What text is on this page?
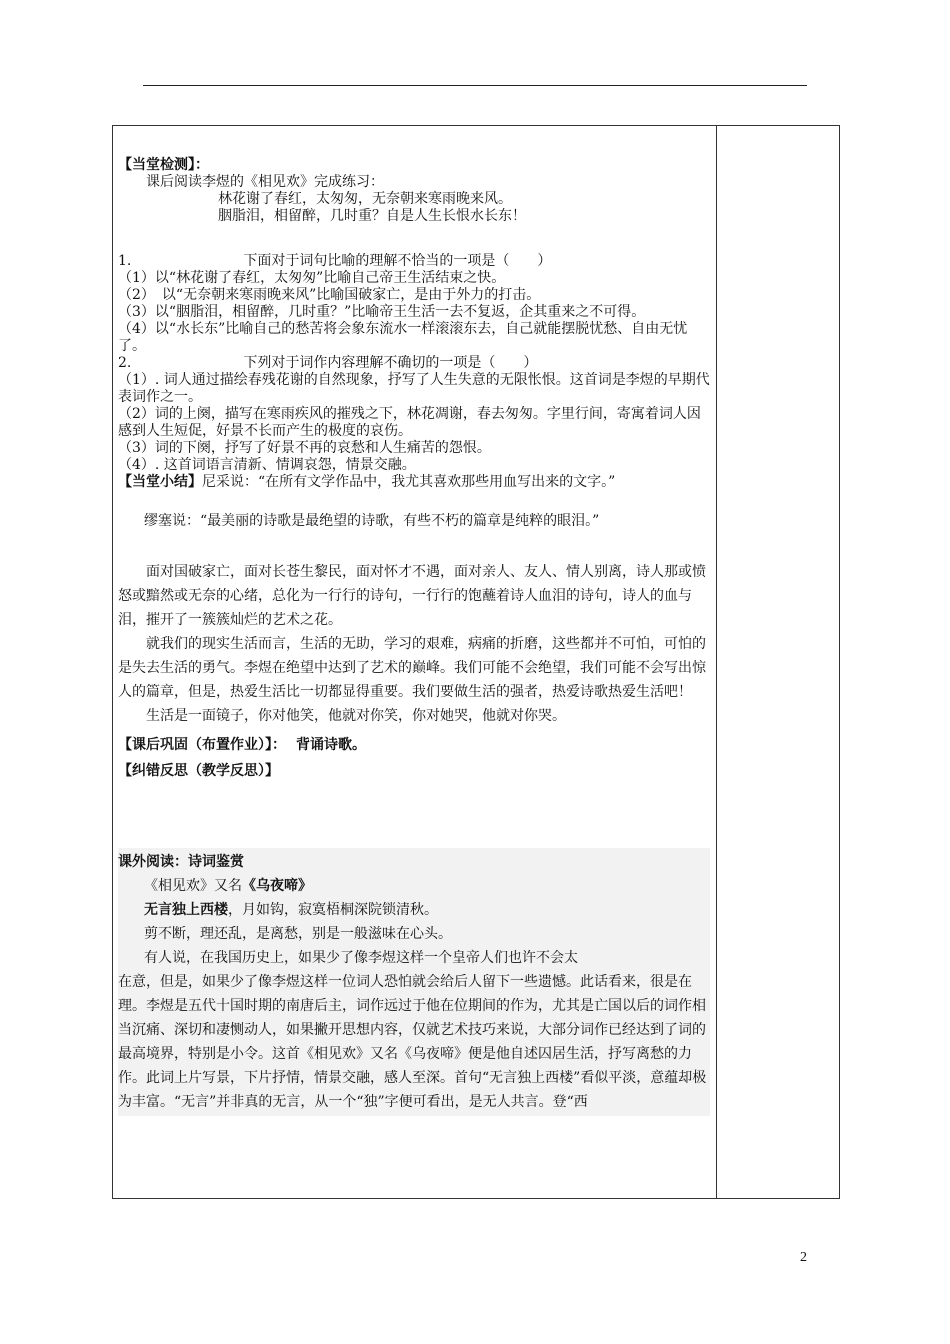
【当堂检测】：

课后阅读李煜的《相见欢》完成练习：

林花谢了春红，太匆匆，无奈朝来寒雨晚来风。

胭脂泪，相留醉，几时重？自是人生长恨水长东！

1.	下面对于词句比喻的理解不恰当的一项是（　　）

（1）以“林花谢了春红，太匆匆”比喻自己帝王生活结束之快。

（2）　以“无奈朝来寒雨晚来风”比喻国破家亡，是由于外力的打击。

（3）以“胭脂泪，相留醉，几时重？”比喻帝王生活一去不复返，企其重来之不可得。

（4）以“水长东”比喻自己的愁苦将会象东流水一样滚滚东去，自己就能摆脱忧愁、自由无忧了。

2.	下列对于词作内容理解不确切的一项是（　　）

（1）. 词人通过描绘春残花谢的自然现象，抒写了人生失意的无限怅恨。这首词是李煜的早期代表词作之一。

（2）词的上阕，描写在寒雨疾风的摧残之下，林花凋谢，春去匆匆。字里行间，寄寓着词人因感到人生短促，好景不长而产生的极度的哀伤。

（3）词的下阕，抒写了好景不再的哀愁和人生痛苦的怨恨。

（4）. 这首词语言清新、情调哀怨，情景交融。

【当堂小结】尼采说：“在所有文学作品中，我尤其喜欢那些用血写出来的文字。”

缪塞说：“最美丽的诗歌是最绝望的诗歌，有些不朽的篇章是纯粹的眼泪。”

面对国破家亡，面对长苍生黎民，面对怀才不遇，面对亲人、友人、情人别离，诗人那或愤怒或黯然或无奈的心绪，总化为一行行的诗句，一行行的饱蘸着诗人血泪的诗句，诗人的血与泪，摧开了一簇簇灿烂的艺术之花。

就我们的现实生活而言，生活的无助，学习的艰难，病痛的折磨，这些都并不可怕，可怕的是失去生活的勇气。李煜在绝望中达到了艺术的巅峰。我们可能不会绝望，我们可能不会写出惊人的篇章，但是，热爱生活比一切都显得重要。我们要做生活的强者，热爱诗歌热爱生活吧！

生活是一面镜子，你对他笑，他就对你笑，你对她哭，他就对你哭。

【课后巩固（布置作业）】： 背诵诗歌。

【纠错反思（教学反思）】

课外阅读：诗词鉴赏

《相见欢》又名《乌夜啼》

无言独上西楼，月如钩，寂寞梧桐深院锁清秋。

剪不断，理还乱，是离愁，别是一般滋味在心头。

有人说，在我国历史上，如果少了像李煜这样一个皇帝人们也许不会太

在意，但是，如果少了像李煜这样一位词人恐怕就会给后人留下一些遗憾。此话看来，很是在理。李煜是五代十国时期的南唐后主，词作远过于他在位期间的作为，尤其是亡国以后的词作相当沉痛、深切和凄恻动人，如果撇开思想内容，仅就艺术技巧来说，大部分词作已经达到了词的最高境界，特别是小令。这首《相见欢》又名《乌夜啼》便是他自述囚居生活，抒写离愁的力作。此词上片写景，下片抒情，情景交融，感人至深。首句“无言独上西楼”看似平淡，意蕴却极为丰富。“无言”并非真的无言，从一个“独”字便可看出，是无人共言。登“西

2
